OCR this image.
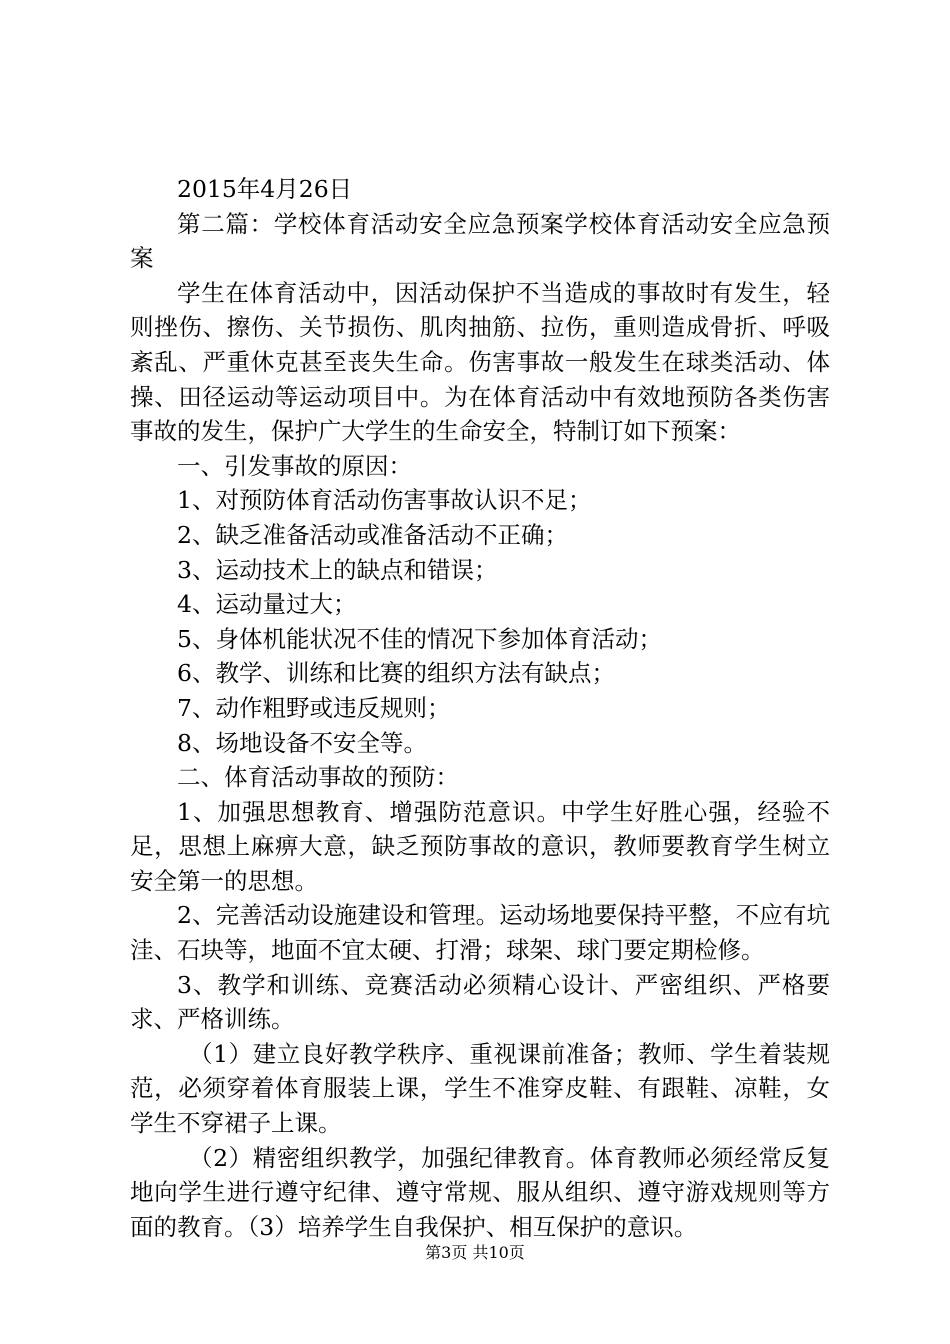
2015年4月26日

第二篇：学校体育活动安全应急预案学校体育活动安全应急预案

学生在体育活动中，因活动保护不当造成的事故时有发生，轻则挫伤、擦伤、关节损伤、肌肉抽筋、拉伤，重则造成骨折、呼吸紊乱、严重休克甚至丧失生命。伤害事故一般发生在球类活动、体操、田径运动等运动项目中。为在体育活动中有效地预防各类伤害事故的发生，保护广大学生的生命安全，特制订如下预案：

一、引发事故的原因：

1、对预防体育活动伤害事故认识不足；

2、缺乏准备活动或准备活动不正确；

3、运动技术上的缺点和错误；

4、运动量过大；

5、身体机能状况不佳的情况下参加体育活动；

6、教学、训练和比赛的组织方法有缺点；

7、动作粗野或违反规则；

8、场地设备不安全等。

二、体育活动事故的预防：

1、加强思想教育、增强防范意识。中学生好胜心强，经验不足，思想上麻痹大意，缺乏预防事故的意识，教师要教育学生树立安全第一的思想。

2、完善活动设施建设和管理。运动场地要保持平整，不应有坑洼、石块等，地面不宜太硬、打滑；球架、球门要定期检修。

3、教学和训练、竞赛活动必须精心设计、严密组织、严格要求、严格训练。

（1）建立良好教学秩序、重视课前准备；教师、学生着装规范，必须穿着体育服装上课，学生不准穿皮鞋、有跟鞋、凉鞋，女学生不穿裙子上课。

（2）精密组织教学，加强纪律教育。体育教师必须经常反复地向学生进行遵守纪律、遵守常规、服从组织、遵守游戏规则等方面的教育。（3）培养学生自我保护、相互保护的意识。

第3页 共10页
